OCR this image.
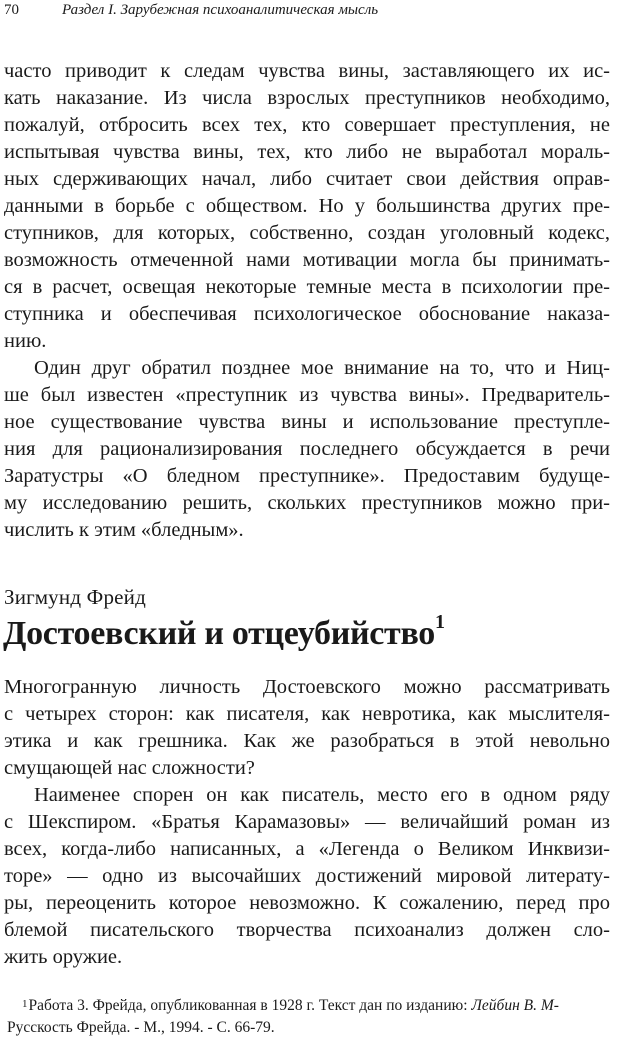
70	Раздел I. Зарубежная психоаналитическая мысль
часто приводит к следам чувства вины, заставляющего их ис-
кать наказание. Из числа взрослых преступников необходимо,
пожалуй, отбросить всех тех, кто совершает преступления, не
испытывая чувства вины, тех, кто либо не выработал мораль-
ных сдерживающих начал, либо считает свои действия оправ-
данными в борьбе с обществом. Но у большинства других пре-
ступников, для которых, собственно, создан уголовный кодекс,
возможность отмеченной нами мотивации могла бы принимать-
ся в расчет, освещая некоторые темные места в психологии пре-
ступника и обеспечивая психологическое обоснование наказа-
нию.
Один друг обратил позднее мое внимание на то, что и Ниц-
ше был известен «преступник из чувства вины». Предваритель-
ное существование чувства вины и использование преступле-
ния для рационализирования последнего обсуждается в речи
Заратустры «О бледном преступнике». Предоставим будуще-
му исследованию решить, скольких преступников можно при-
числить к этим «бледным».
Зигмунд Фрейд
Достоевский и отцеубийство$^1$
Многогранную личность Достоевского можно рассматривать
с четырех сторон: как писателя, как невротика, как мыслителя-
этика и как грешника. Как же разобраться в этой невольно
смущающей нас сложности?
Наименее спорен он как писатель, место его в одном ряду
с Шекспиром. «Братья Карамазовы» — величайший роман из
всех, когда-либо написанных, а «Легенда о Великом Инквизи-
торе» — одно из высочайших достижений мировой литерату-
ры, переоценить которое невозможно. К сожалению, перед про
блемой писательского творчества психоанализ должен сло-
жить оружие.
$^1$Работа 3. Фрейда, опубликованная в 1928 г. Текст дан по изданию: Лейбин В. М-
Русскость Фрейда. - М., 1994. - С. 66-79.
